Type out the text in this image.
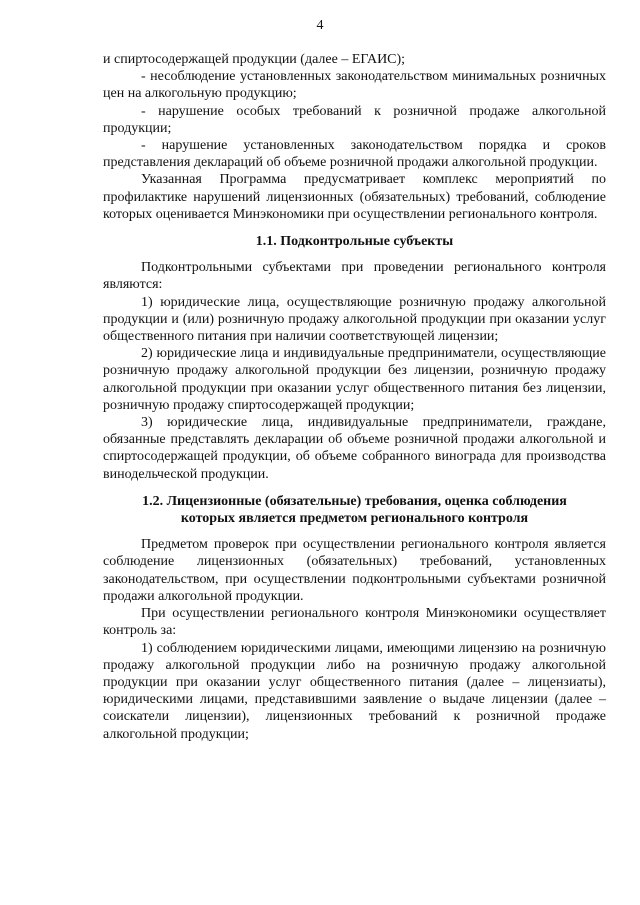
4

и спиртосодержащей продукции (далее – ЕГАИС);

- несоблюдение установленных законодательством минимальных розничных цен на алкогольную продукцию;

- нарушение особых требований к розничной продаже алкогольной продукции;

- нарушение установленных законодательством порядка и сроков представления деклараций об объеме розничной продажи алкогольной продукции.

Указанная Программа предусматривает комплекс мероприятий по профилактике нарушений лицензионных (обязательных) требований, соблюдение которых оценивается Минэкономики при осуществлении регионального контроля.

1.1. Подконтрольные субъекты

Подконтрольными субъектами при проведении регионального контроля являются:

1) юридические лица, осуществляющие розничную продажу алкогольной продукции и (или) розничную продажу алкогольной продукции при оказании услуг общественного питания при наличии соответствующей лицензии;

2) юридические лица и индивидуальные предприниматели, осуществляющие розничную продажу алкогольной продукции без лицензии, розничную продажу алкогольной продукции при оказании услуг общественного питания без лицензии, розничную продажу спиртосодержащей продукции;

3) юридические лица, индивидуальные предприниматели, граждане, обязанные представлять декларации об объеме розничной продажи алкогольной и спиртосодержащей продукции, об объеме собранного винограда для производства винодельческой продукции.

1.2. Лицензионные (обязательные) требования, оценка соблюдения
которых является предметом регионального контроля

Предметом проверок при осуществлении регионального контроля является соблюдение лицензионных (обязательных) требований, установленных законодательством, при осуществлении подконтрольными субъектами розничной продажи алкогольной продукции.

При осуществлении регионального контроля Минэкономики осуществляет контроль за:

1) соблюдением юридическими лицами, имеющими лицензию на розничную продажу алкогольной продукции либо на розничную продажу алкогольной продукции при оказании услуг общественного питания (далее – лицензиаты), юридическими лицами, представившими заявление о выдаче лицензии (далее – соискатели лицензии), лицензионных требований к розничной продаже алкогольной продукции;
